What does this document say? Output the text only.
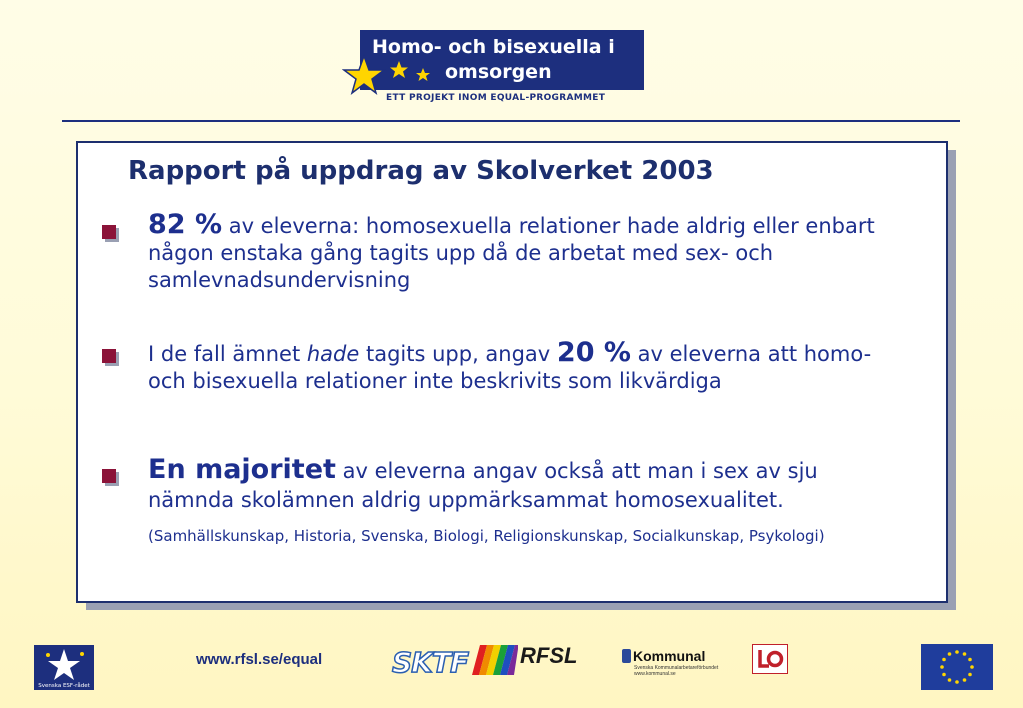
Homo- och bisexuella i
omsorgen
ETT PROJEKT INOM EQUAL-PROGRAMMET
Rapport på uppdrag av Skolverket 2003
82 % av eleverna: homosexuella relationer hade aldrig eller enbart någon enstaka gång tagits upp då de arbetat med sex- och samlevnadsundervisning
I de fall ämnet hade tagits upp, angav 20 % av eleverna att homo- och bisexuella relationer inte beskrivits som likvärdiga
En majoritet av eleverna angav också att man i sex av sju nämnda skolämnen aldrig uppmärksammat homosexualitet. (Samhällskunskap, Historia, Svenska, Biologi, Religionskunskap, Socialkunskap, Psykologi)
Svenska ESF-rådet
www.rfsl.se/equal SKTF RFSL	Kommunal
Svenska Kommunalarbetareförbundet
www.kommunal.se
